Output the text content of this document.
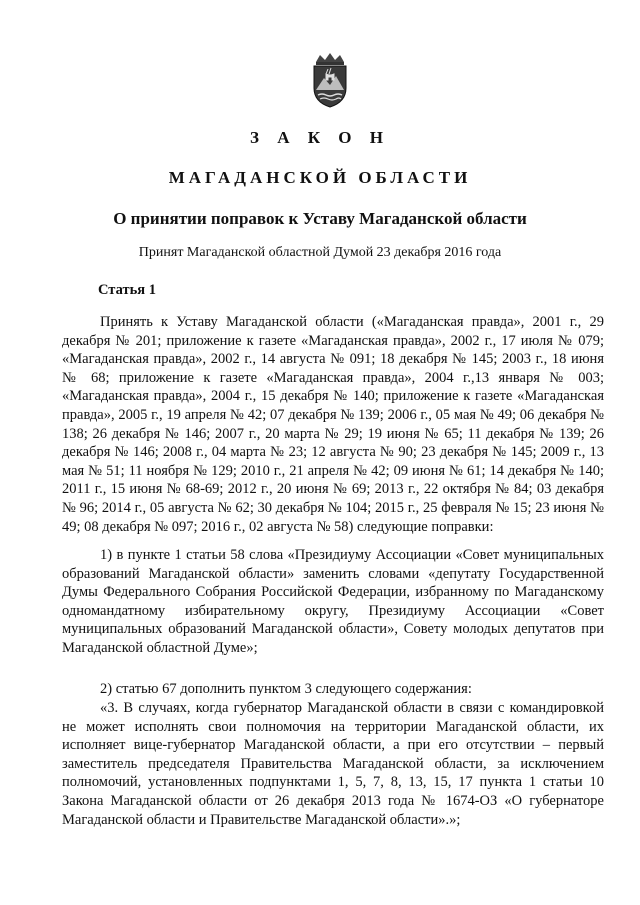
З А К О Н
МАГАДАНСКОЙ ОБЛАСТИ
О принятии поправок к Уставу Магаданской области
Принят Магаданской областной Думой 23 декабря 2016 года
Статья 1

Принять к Уставу Магаданской области («Магаданская правда», 2001 г., 29 декабря № 201; приложение к газете «Магаданская правда», 2002 г., 17 июля № 079; «Магаданская правда», 2002 г., 14 августа № 091; 18 декабря № 145; 2003 г., 18 июня № 68; приложение к газете «Магаданская правда», 2004 г.,13 января № 003; «Магаданская правда», 2004 г., 15 декабря № 140; приложение к газете «Магаданская правда», 2005 г., 19 апреля № 42; 07 декабря № 139; 2006 г., 05 мая № 49; 06 декабря № 138; 26 декабря № 146; 2007 г., 20 марта № 29; 19 июня № 65; 11 декабря № 139; 26 декабря № 146; 2008 г., 04 марта № 23; 12 августа № 90; 23 декабря № 145; 2009 г., 13 мая № 51; 11 ноября № 129; 2010 г., 21 апреля № 42; 09 июня № 61; 14 декабря № 140; 2011 г., 15 июня № 68-69; 2012 г., 20 июня № 69; 2013 г., 22 октября № 84; 03 декабря № 96; 2014 г., 05 августа № 62; 30 декабря № 104; 2015 г., 25 февраля № 15; 23 июня № 49; 08 декабря № 097; 2016 г., 02 августа № 58) следующие поправки:

1) в пункте 1 статьи 58 слова «Президиуму Ассоциации «Совет муниципальных образований Магаданской области» заменить словами «депутату Государственной Думы Федерального Собрания Российской Федерации, избранному по Магаданскому одномандатному избирательному округу, Президиуму Ассоциации «Совет муниципальных образований Магаданской области», Совету молодых депутатов при Магаданской областной Думе»;

2) статью 67 дополнить пунктом 3 следующего содержания:

«3. В случаях, когда губернатор Магаданской области в связи с командировкой не может исполнять свои полномочия на территории Магаданской области, их исполняет вице-губернатор Магаданской области, а при его отсутствии – первый заместитель председателя Правительства Магаданской области, за исключением полномочий, установленных подпунктами 1, 5, 7, 8, 13, 15, 17 пункта 1 статьи 10 Закона Магаданской области от 26 декабря 2013 года № 1674-ОЗ «О губернаторе Магаданской области и Правительстве Магаданской области».»;
